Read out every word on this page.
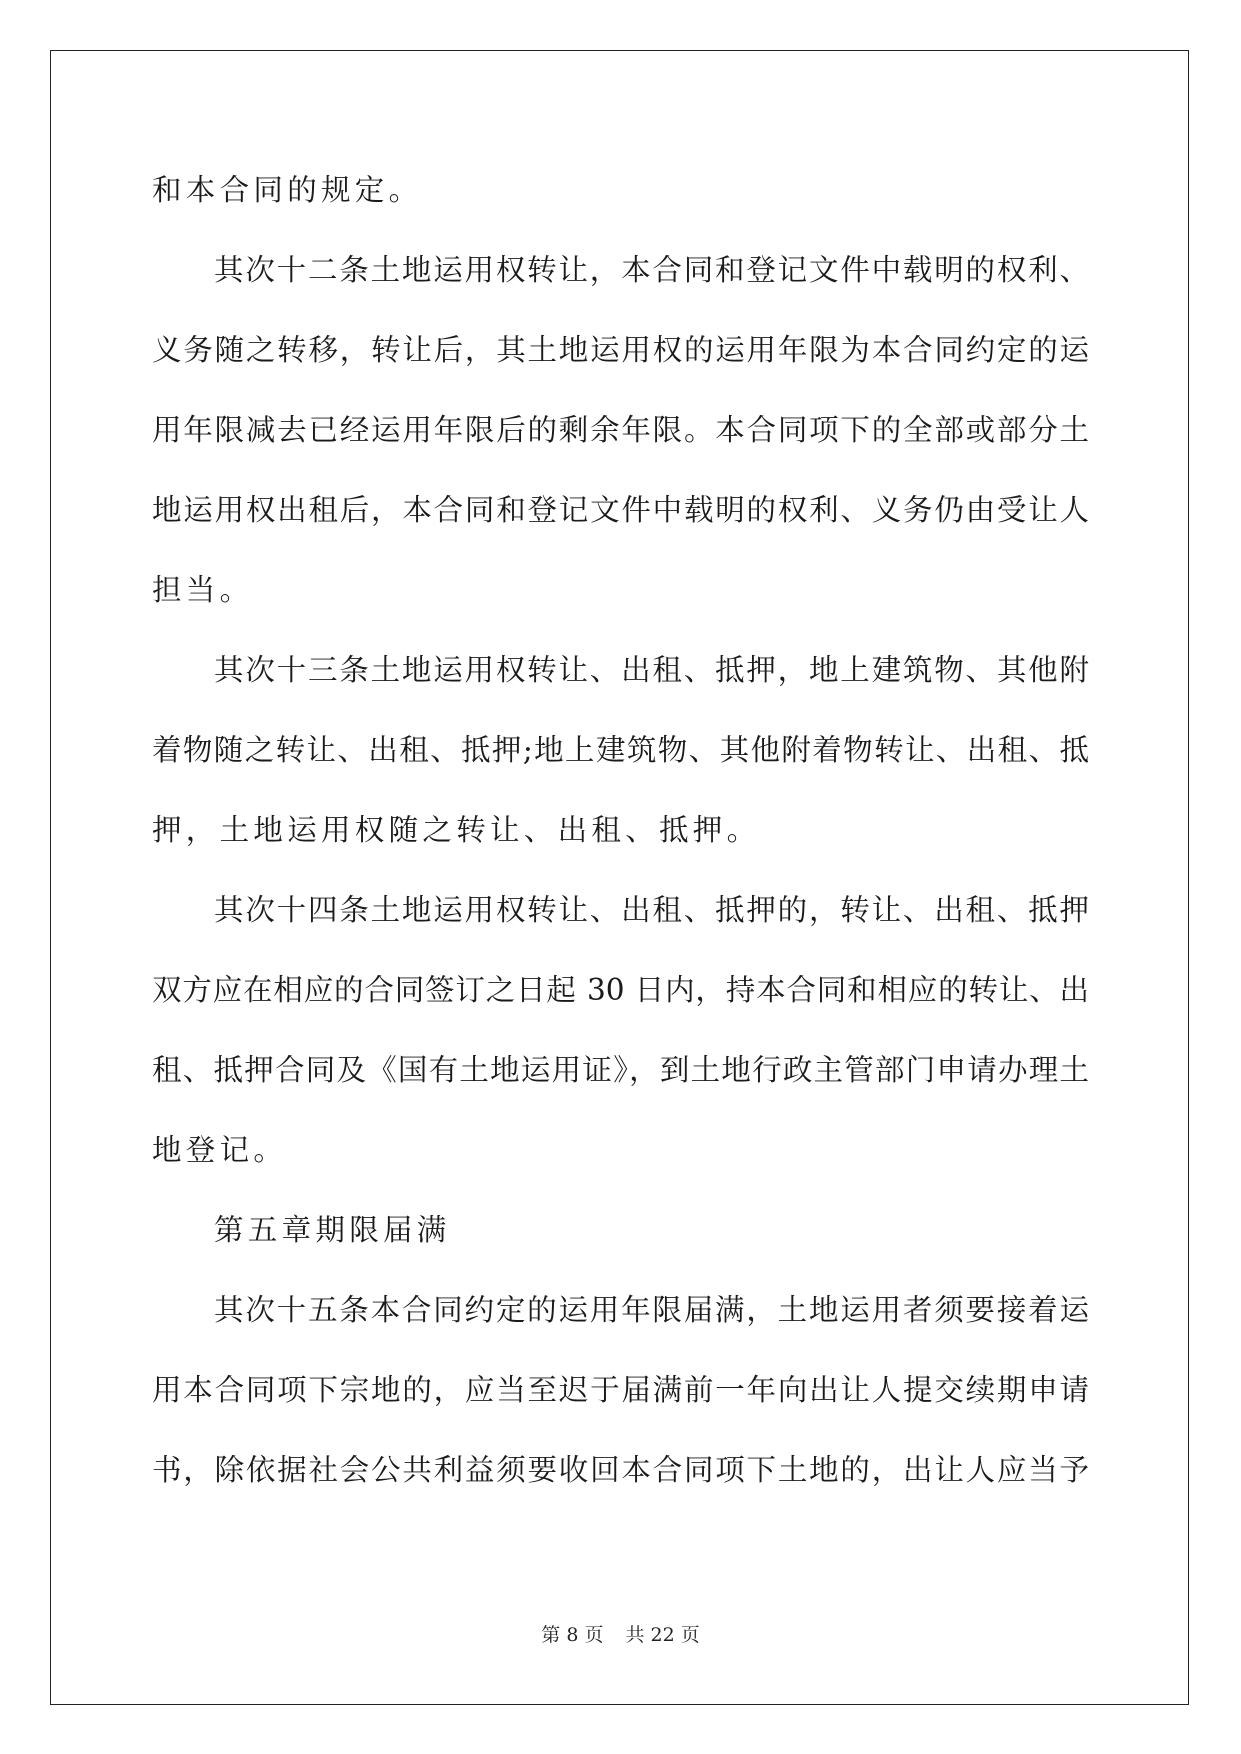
和本合同的规定。
其次十二条土地运用权转让，本合同和登记文件中载明的权利、
义务随之转移，转让后，其土地运用权的运用年限为本合同约定的运
用年限减去已经运用年限后的剩余年限。本合同项下的全部或部分土
地运用权出租后，本合同和登记文件中载明的权利、义务仍由受让人
担当。
其次十三条土地运用权转让、出租、抵押，地上建筑物、其他附
着物随之转让、出租、抵押;地上建筑物、其他附着物转让、出租、抵
押，土地运用权随之转让、出租、抵押。
其次十四条土地运用权转让、出租、抵押的，转让、出租、抵押
双方应在相应的合同签订之日起 30 日内，持本合同和相应的转让、出
租、抵押合同及《国有土地运用证》，到土地行政主管部门申请办理土
地登记。
第五章期限届满
其次十五条本合同约定的运用年限届满，土地运用者须要接着运
用本合同项下宗地的，应当至迟于届满前一年向出让人提交续期申请
书，除依据社会公共利益须要收回本合同项下土地的，出让人应当予
第 8 页 共 22 页
